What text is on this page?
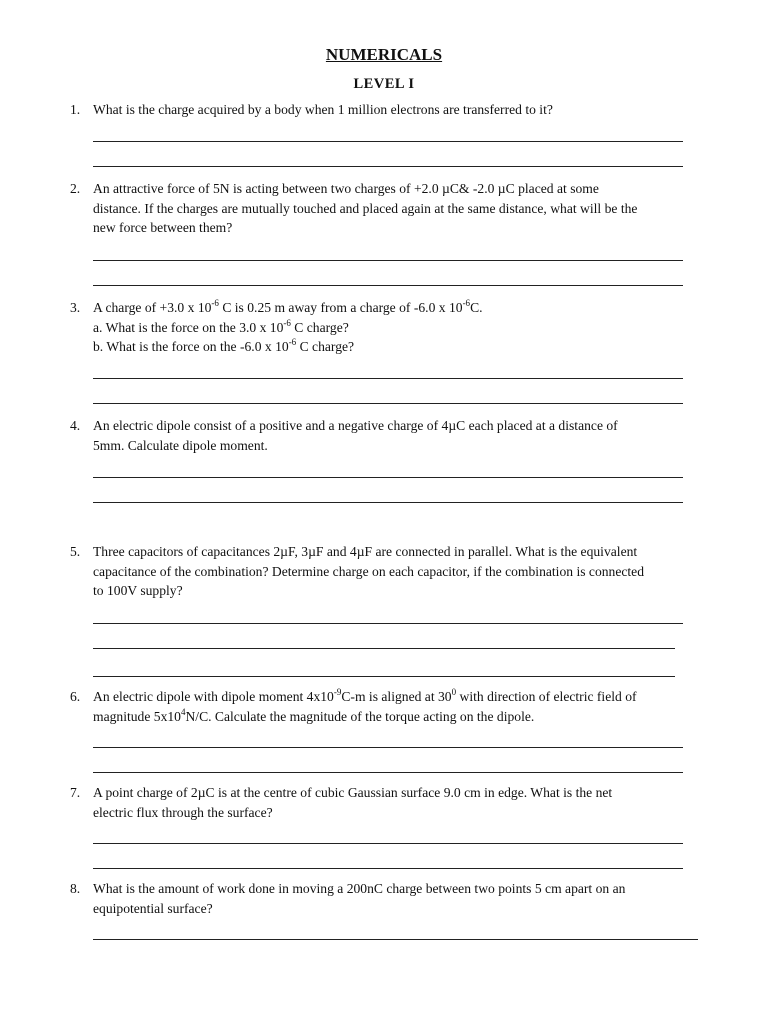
NUMERICALS
LEVEL I
1. What is the charge acquired by a body when 1 million electrons are transferred to it?
2. An attractive force of 5N is acting between two charges of +2.0 µC& -2.0 µC placed at some
distance. If the charges are mutually touched and placed again at the same distance, what will be the
new force between them?
3. A charge of +3.0 x $10^{-6}$ C is 0.25 m away from a charge of -6.0 x $10^{-6}C$.
a. What is the force on the 3.0 x $10^{-6}$ C charge?
b. What is the force on the -6.0 x $10^{-6}$ C charge?
4. An electric dipole consist of a positive and a negative charge of 4µC each placed at a distance of
5mm. Calculate dipole moment.
5. Three capacitors of capacitances 2µF, 3µF and 4µF are connected in parallel. What is the equivalent
capacitance of the combination? Determine charge on each capacitor, if the combination is connected
to 100V supply?
6. An electric dipole with dipole moment $4x10^{-9}C-m$ is aligned at $30^0$ with direction of electric field of
magnitude $5x10^4N/C$. Calculate the magnitude of the torque acting on the dipole.
7. A point charge of 2µC is at the centre of cubic Gaussian surface 9.0 cm in edge. What is the net
electric flux through the surface?
8. What is the amount of work done in moving a 200nC charge between two points 5 cm apart on an
equipotential surface?
